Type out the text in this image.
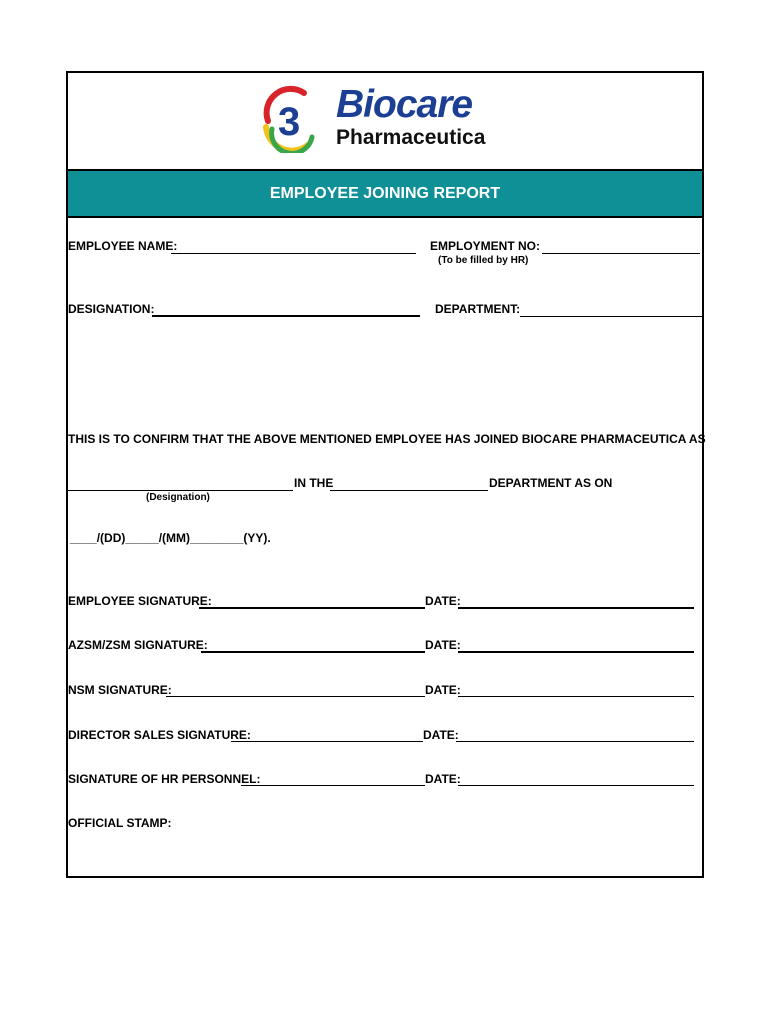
3 Biocare
Pharmaceutica
EMPLOYEE JOINING REPORT
EMPLOYEE NAME:	EMPLOYMENT NO:
(To be filled by HR)
DESIGNATION:	DEPARTMENT:
THIS IS TO CONFIRM THAT THE ABOVE MENTIONED EMPLOYEE HAS JOINED BIOCARE PHARMACEUTICA AS
IN THE	DEPARTMENT AS ON
(Designation)
____/(DD)_____/(MM)________(YY).
EMPLOYEE SIGNATURE:	DATE:
AZSM/ZSM SIGNATURE:	DATE:
NSM SIGNATURE:	DATE:
DIRECTOR SALES SIGNATURE:	DATE:
SIGNATURE OF HR PERSONNEL:	DATE:
OFFICIAL STAMP:
